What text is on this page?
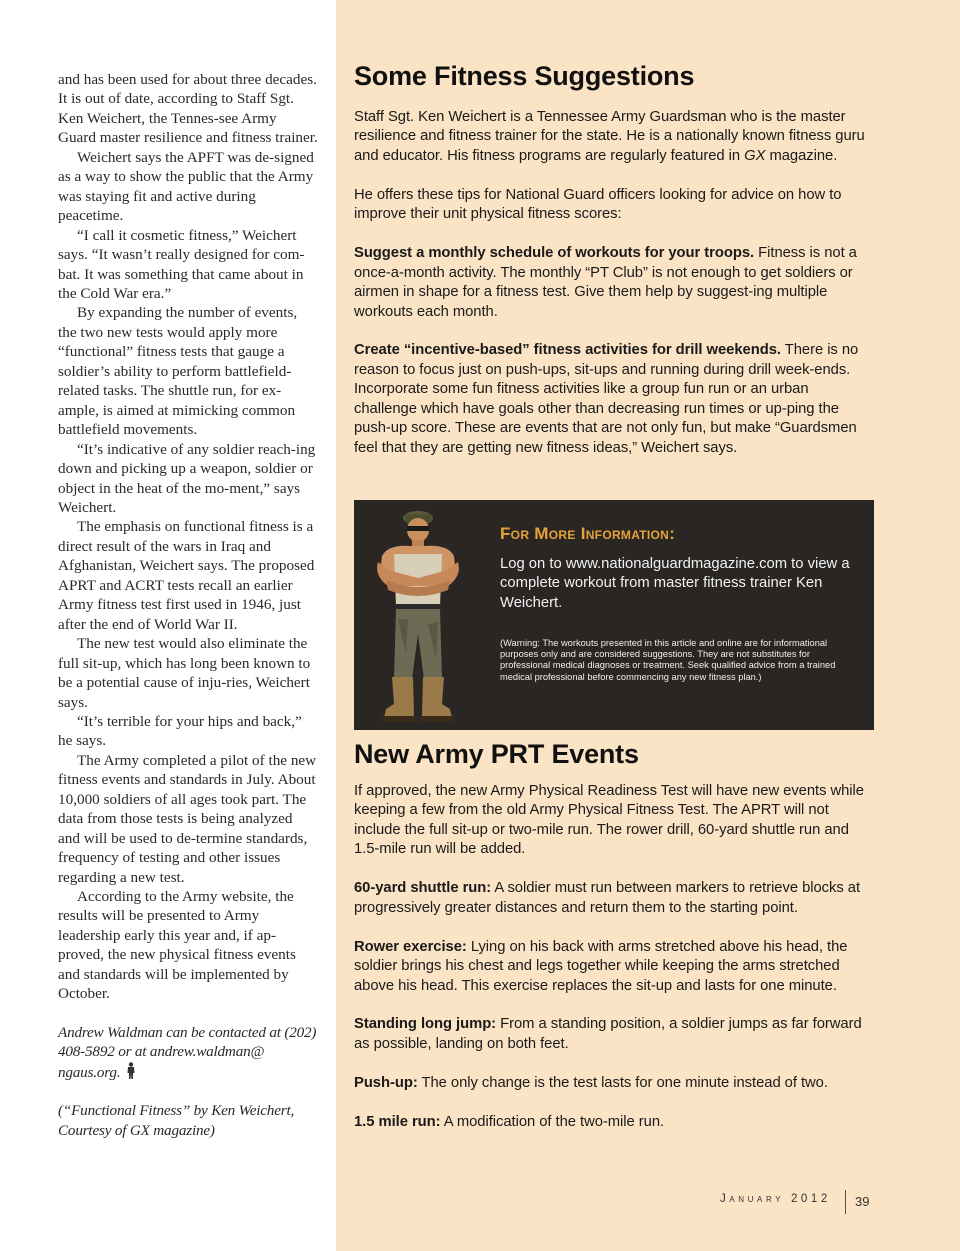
and has been used for about three decades. It is out of date, according to Staff Sgt. Ken Weichert, the Tennes-see Army Guard master resilience and fitness trainer.

Weichert says the APFT was de-signed as a way to show the public that the Army was staying fit and active during peacetime.

“I call it cosmetic fitness,” Weichert says. “It wasn’t really designed for com-bat. It was something that came about in the Cold War era.”

By expanding the number of events, the two new tests would apply more “functional” fitness tests that gauge a soldier’s ability to perform battlefield-related tasks. The shuttle run, for ex-ample, is aimed at mimicking common battlefield movements.

“It’s indicative of any soldier reach-ing down and picking up a weapon, soldier or object in the heat of the mo-ment,” says Weichert.

The emphasis on functional fitness is a direct result of the wars in Iraq and Afghanistan, Weichert says. The proposed APRT and ACRT tests recall an earlier Army fitness test first used in 1946, just after the end of World War II.

The new test would also eliminate the full sit-up, which has long been known to be a potential cause of inju-ries, Weichert says.

“It’s terrible for your hips and back,” he says.

The Army completed a pilot of the new fitness events and standards in July. About 10,000 soldiers of all ages took part. The data from those tests is being analyzed and will be used to de-termine standards, frequency of testing and other issues regarding a new test.

According to the Army website, the results will be presented to Army leadership early this year and, if ap-proved, the new physical fitness events and standards will be implemented by October.

Andrew Waldman can be contacted at (202) 408-5892 or at andrew.waldman@ ngaus.org.

(“Functional Fitness” by Ken Weichert, Courtesy of GX magazine)

Some Fitness Suggestions

Staff Sgt. Ken Weichert is a Tennessee Army Guardsman who is the master resilience and fitness trainer for the state. He is a nationally known fitness guru and educator. His fitness programs are regularly featured in GX magazine.

He offers these tips for National Guard officers looking for advice on how to improve their unit physical fitness scores:

Suggest a monthly schedule of workouts for your troops. Fitness is not a once-a-month activity. The monthly “PT Club” is not enough to get soldiers or airmen in shape for a fitness test. Give them help by suggest-ing multiple workouts each month.

Create “incentive-based” fitness activities for drill weekends. There is no reason to focus just on push-ups, sit-ups and running during drill week-ends. Incorporate some fun fitness activities like a group fun run or an urban challenge which have goals other than decreasing run times or up-ping the push-up score. These are events that are not only fun, but make “Guardsmen feel that they are getting new fitness ideas,” Weichert says.

For More Information:
Log on to www.nationalguardmagazine.com to view a complete workout from master fitness trainer Ken Weichert.
(Warning: The workouts presented in this article and online are for informational purposes only and are considered suggestions. They are not substitutes for professional medical diagnoses or treatment. Seek qualified advice from a trained medical professional before commencing any new fitness plan.)
New Army PRT Events

If approved, the new Army Physical Readiness Test will have new events while keeping a few from the old Army Physical Fitness Test. The APRT will not include the full sit-up or two-mile run. The rower drill, 60-yard shuttle run and 1.5-mile run will be added.

60-yard shuttle run: A soldier must run between markers to retrieve blocks at progressively greater distances and return them to the starting point.

Rower exercise: Lying on his back with arms stretched above his head, the soldier brings his chest and legs together while keeping the arms stretched above his head. This exercise replaces the sit-up and lasts for one minute.

Standing long jump: From a standing position, a soldier jumps as far forward as possible, landing on both feet.

Push-up: The only change is the test lasts for one minute instead of two.

1.5 mile run: A modification of the two-mile run.

January 2012 39
